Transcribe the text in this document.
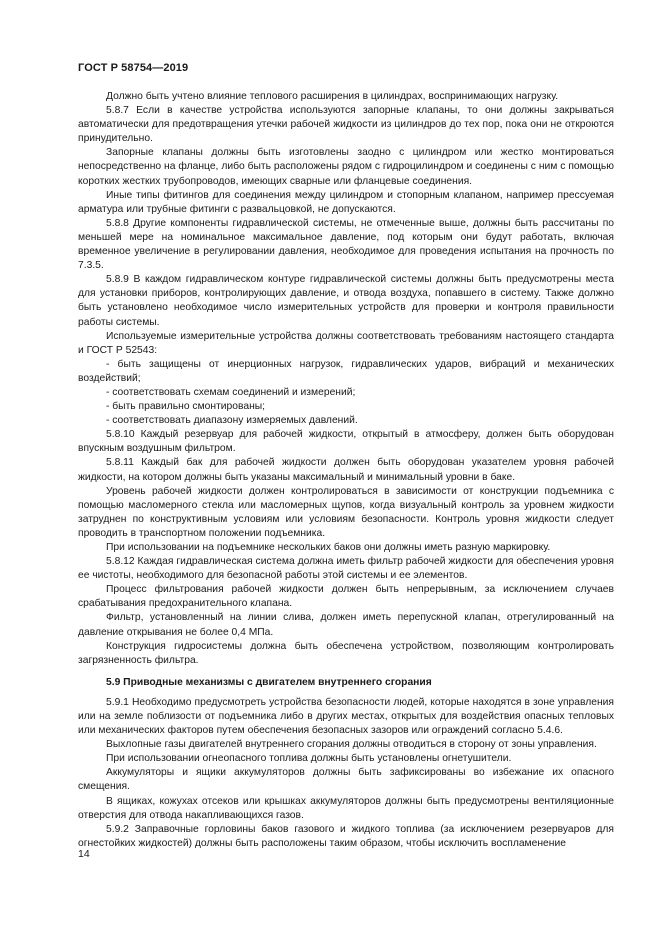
ГОСТ Р 58754—2019

Должно быть учтено влияние теплового расширения в цилиндрах, воспринимающих нагрузку.

5.8.7 Если в качестве устройства используются запорные клапаны, то они должны закрываться автоматически для предотвращения утечки рабочей жидкости из цилиндров до тех пор, пока они не откроются принудительно.

Запорные клапаны должны быть изготовлены заодно с цилиндром или жестко монтироваться непосредственно на фланце, либо быть расположены рядом с гидроцилиндром и соединены с ним с помощью коротких жестких трубопроводов, имеющих сварные или фланцевые соединения.

Иные типы фитингов для соединения между цилиндром и стопорным клапаном, например прессуемая арматура или трубные фитинги с развальцовкой, не допускаются.

5.8.8 Другие компоненты гидравлической системы, не отмеченные выше, должны быть рассчитаны по меньшей мере на номинальное максимальное давление, под которым они будут работать, включая временное увеличение в регулировании давления, необходимое для проведения испытания на прочность по 7.3.5.

5.8.9 В каждом гидравлическом контуре гидравлической системы должны быть предусмотрены места для установки приборов, контролирующих давление, и отвода воздуха, попавшего в систему. Также должно быть установлено необходимое число измерительных устройств для проверки и контроля правильности работы системы.

Используемые измерительные устройства должны соответствовать требованиям настоящего стандарта и ГОСТ Р 52543:

- быть защищены от инерционных нагрузок, гидравлических ударов, вибраций и механических воздействий;

- соответствовать схемам соединений и измерений;

- быть правильно смонтированы;

- соответствовать диапазону измеряемых давлений.

5.8.10 Каждый резервуар для рабочей жидкости, открытый в атмосферу, должен быть оборудован впускным воздушным фильтром.

5.8.11 Каждый бак для рабочей жидкости должен быть оборудован указателем уровня рабочей жидкости, на котором должны быть указаны максимальный и минимальный уровни в баке.

Уровень рабочей жидкости должен контролироваться в зависимости от конструкции подъемника с помощью масломерного стекла или масломерных щупов, когда визуальный контроль за уровнем жидкости затруднен по конструктивным условиям или условиям безопасности. Контроль уровня жидкости следует проводить в транспортном положении подъемника.

При использовании на подъемнике нескольких баков они должны иметь разную маркировку.

5.8.12 Каждая гидравлическая система должна иметь фильтр рабочей жидкости для обеспечения уровня ее чистоты, необходимого для безопасной работы этой системы и ее элементов.

Процесс фильтрования рабочей жидкости должен быть непрерывным, за исключением случаев срабатывания предохранительного клапана.

Фильтр, установленный на линии слива, должен иметь перепускной клапан, отрегулированный на давление открывания не более 0,4 МПа.

Конструкция гидросистемы должна быть обеспечена устройством, позволяющим контролировать загрязненность фильтра.

5.9 Приводные механизмы с двигателем внутреннего сгорания

5.9.1 Необходимо предусмотреть устройства безопасности людей, которые находятся в зоне управления или на земле поблизости от подъемника либо в других местах, открытых для воздействия опасных тепловых или механических факторов путем обеспечения безопасных зазоров или ограждений согласно 5.4.6.

Выхлопные газы двигателей внутреннего сгорания должны отводиться в сторону от зоны управления.

При использовании огнеопасного топлива должны быть установлены огнетушители.

Аккумуляторы и ящики аккумуляторов должны быть зафиксированы во избежание их опасного смещения.

В ящиках, кожухах отсеков или крышках аккумуляторов должны быть предусмотрены вентиляционные отверстия для отвода накапливающихся газов.

5.9.2 Заправочные горловины баков газового и жидкого топлива (за исключением резервуаров для огнестойких жидкостей) должны быть расположены таким образом, чтобы исключить воспламенение

14
